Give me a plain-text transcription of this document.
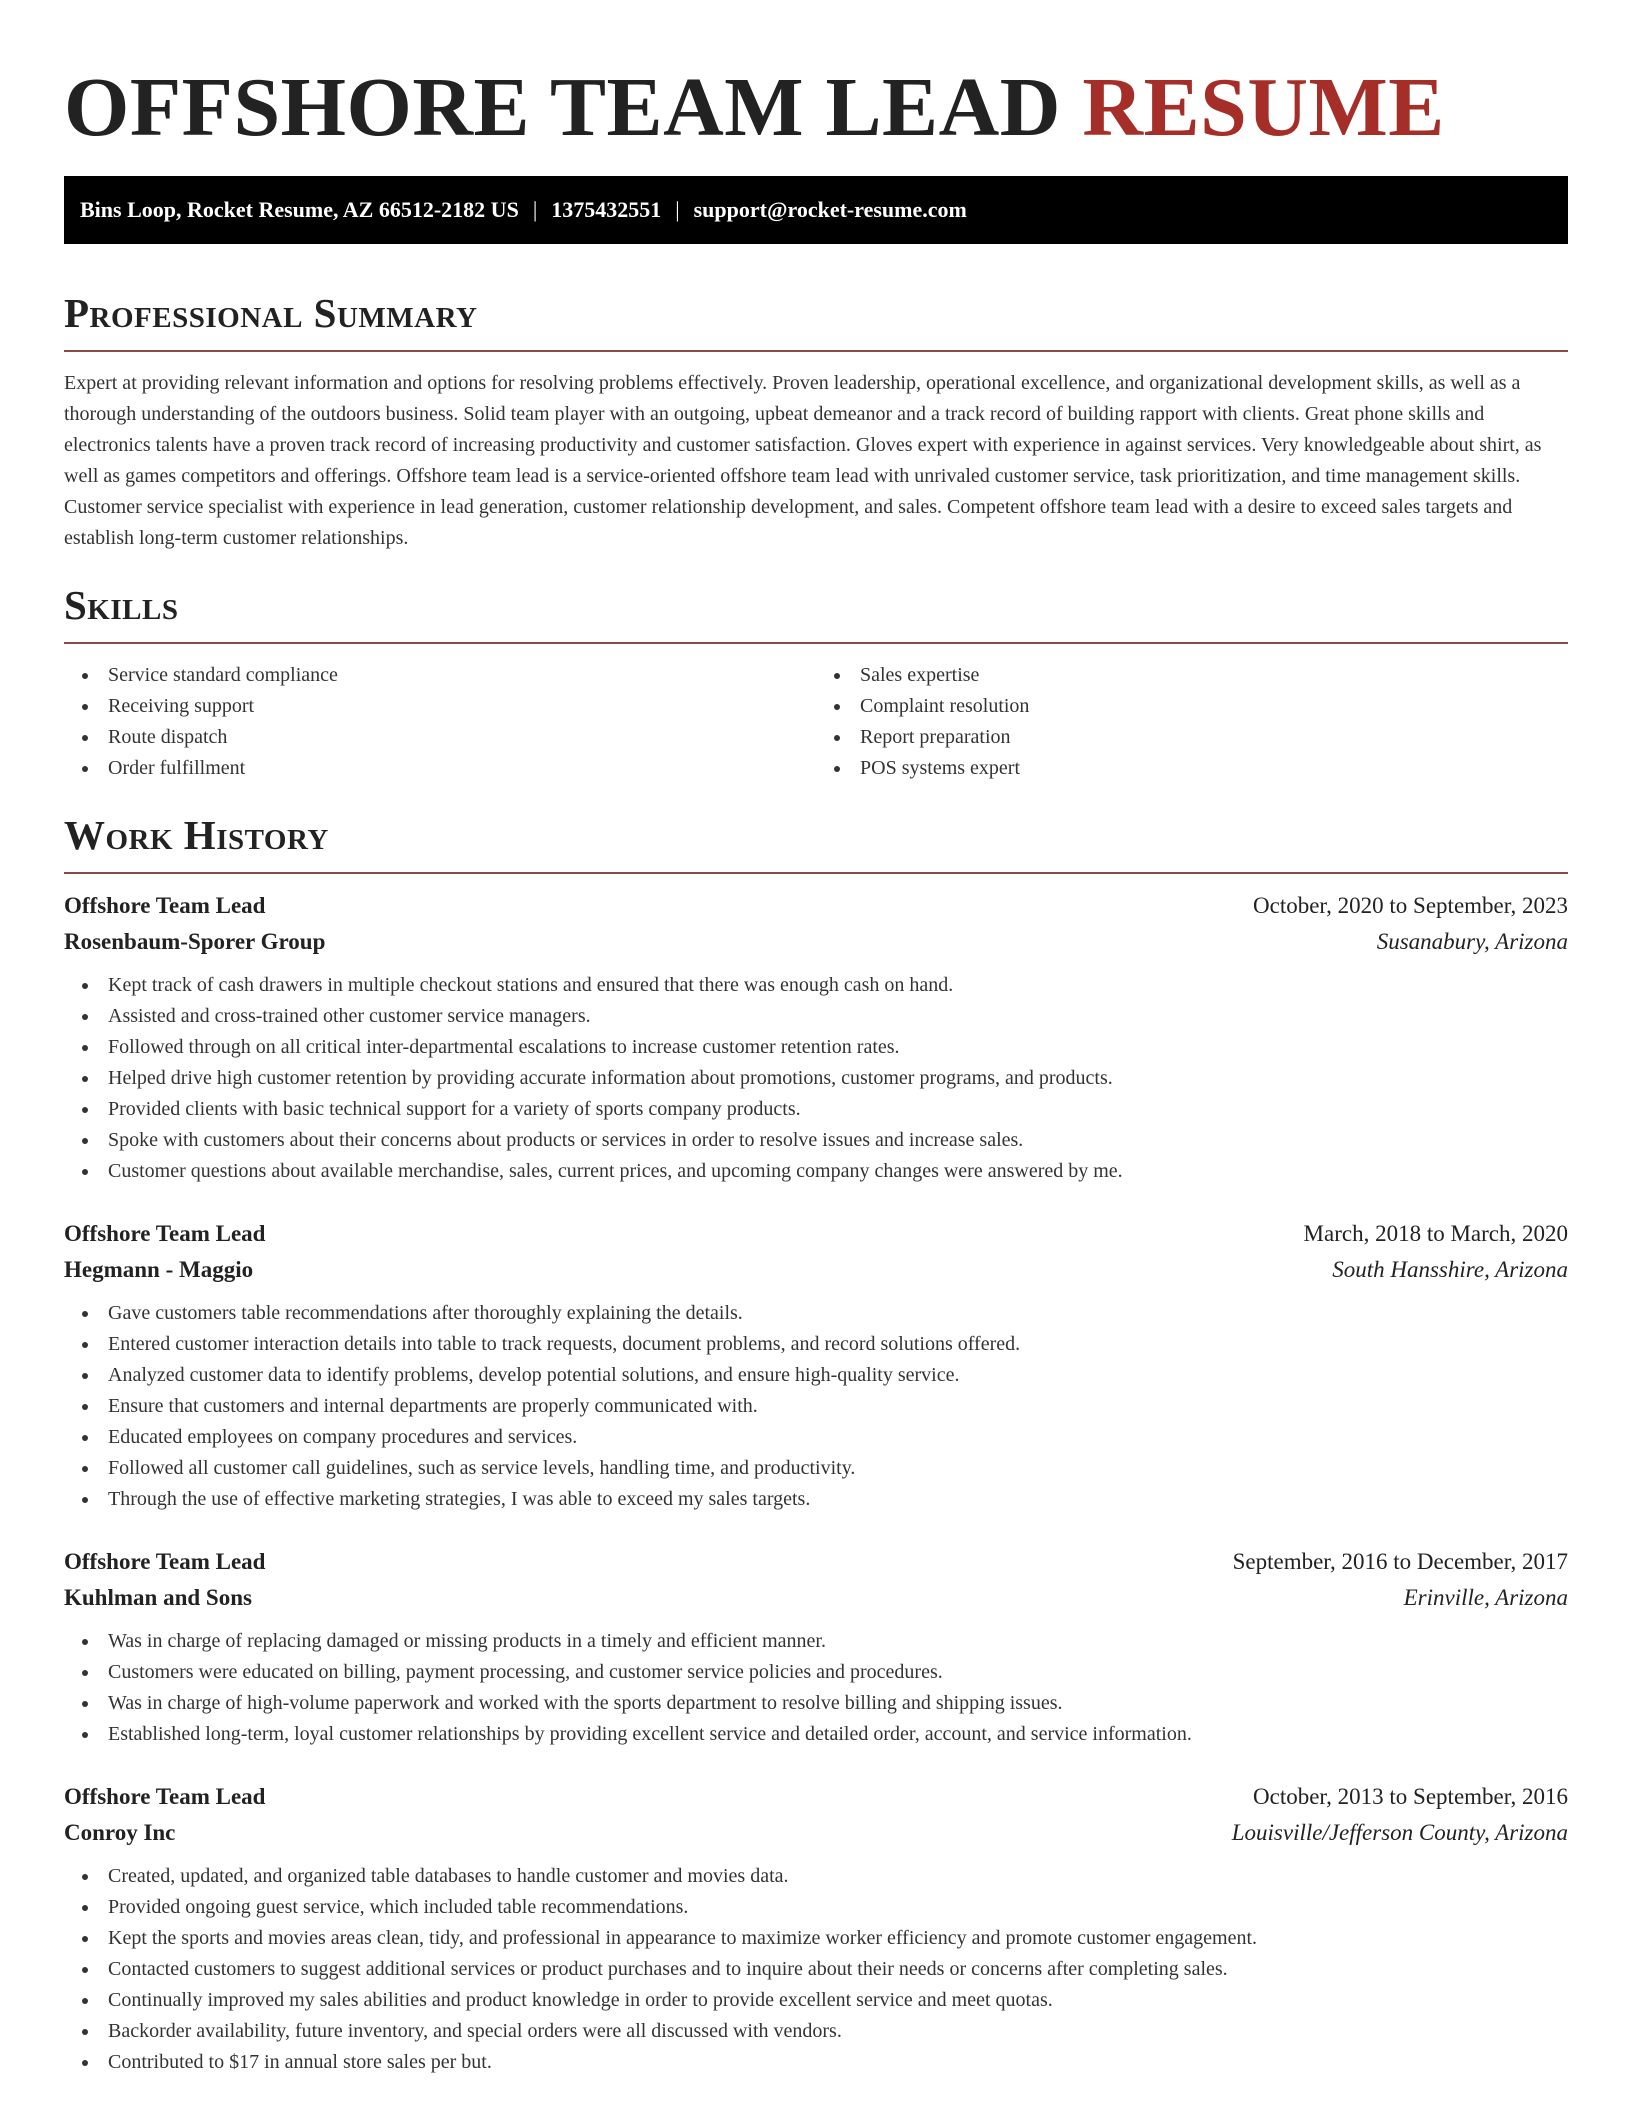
OFFSHORE TEAM LEAD RESUME
Bins Loop, Rocket Resume, AZ 66512-2182 US | 1375432551 | support@rocket-resume.com
Professional Summary

Expert at providing relevant information and options for resolving problems effectively. Proven leadership, operational excellence, and organizational development skills, as well as a thorough understanding of the outdoors business. Solid team player with an outgoing, upbeat demeanor and a track record of building rapport with clients. Great phone skills and electronics talents have a proven track record of increasing productivity and customer satisfaction. Gloves expert with experience in against services. Very knowledgeable about shirt, as well as games competitors and offerings. Offshore team lead is a service-oriented offshore team lead with unrivaled customer service, task prioritization, and time management skills. Customer service specialist with experience in lead generation, customer relationship development, and sales. Competent offshore team lead with a desire to exceed sales targets and establish long-term customer relationships.

Skills
Service standard compliance
Receiving support
Route dispatch
Order fulfillment
Sales expertise
Complaint resolution
Report preparation
POS systems expert
Work History
Offshore Team Lead	October, 2020 to September, 2023
Rosenbaum-Sporer Group	Susanabury, Arizona
Kept track of cash drawers in multiple checkout stations and ensured that there was enough cash on hand.
Assisted and cross-trained other customer service managers.
Followed through on all critical inter-departmental escalations to increase customer retention rates.
Helped drive high customer retention by providing accurate information about promotions, customer programs, and products.
Provided clients with basic technical support for a variety of sports company products.
Spoke with customers about their concerns about products or services in order to resolve issues and increase sales.
Customer questions about available merchandise, sales, current prices, and upcoming company changes were answered by me.
Offshore Team Lead	March, 2018 to March, 2020
Hegmann - Maggio	South Hansshire, Arizona
Gave customers table recommendations after thoroughly explaining the details.
Entered customer interaction details into table to track requests, document problems, and record solutions offered.
Analyzed customer data to identify problems, develop potential solutions, and ensure high-quality service.
Ensure that customers and internal departments are properly communicated with.
Educated employees on company procedures and services.
Followed all customer call guidelines, such as service levels, handling time, and productivity.
Through the use of effective marketing strategies, I was able to exceed my sales targets.
Offshore Team Lead	September, 2016 to December, 2017
Kuhlman and Sons	Erinville, Arizona
Was in charge of replacing damaged or missing products in a timely and efficient manner.
Customers were educated on billing, payment processing, and customer service policies and procedures.
Was in charge of high-volume paperwork and worked with the sports department to resolve billing and shipping issues.
Established long-term, loyal customer relationships by providing excellent service and detailed order, account, and service information.
Offshore Team Lead	October, 2013 to September, 2016
Conroy Inc	Louisville/Jefferson County, Arizona
Created, updated, and organized table databases to handle customer and movies data.
Provided ongoing guest service, which included table recommendations.
Kept the sports and movies areas clean, tidy, and professional in appearance to maximize worker efficiency and promote customer engagement.
Contacted customers to suggest additional services or product purchases and to inquire about their needs or concerns after completing sales.
Continually improved my sales abilities and product knowledge in order to provide excellent service and meet quotas.
Backorder availability, future inventory, and special orders were all discussed with vendors.
Contributed to $17 in annual store sales per but.
